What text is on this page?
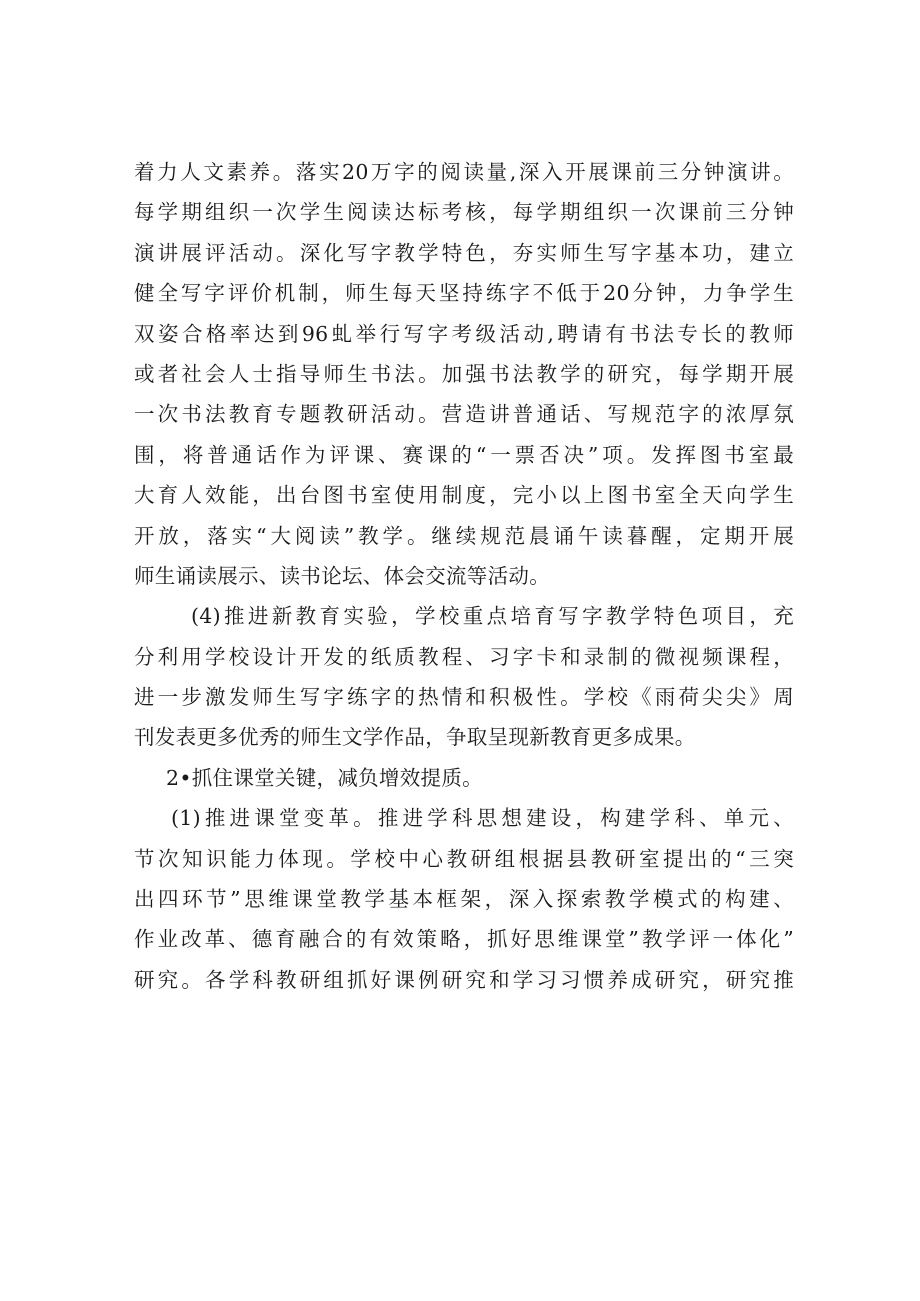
着力人文素养。落实20万字的阅读量,深入开展课前三分钟演讲。
每学期组织一次学生阅读达标考核，每学期组织一次课前三分钟
演讲展评活动。深化写字教学特色，夯实师生写字基本功，建立
健全写字评价机制，师生每天坚持练字不低于20分钟，力争学生
双姿合格率达到96虬举行写字考级活动,聘请有书法专长的教师
或者社会人士指导师生书法。加强书法教学的研究，每学期开展
一次书法教育专题教研活动。营造讲普通话、写规范字的浓厚氛
围，将普通话作为评课、赛课的“一票否决”项。发挥图书室最
大育人效能，出台图书室使用制度，完小以上图书室全天向学生
开放，落实“大阅读”教学。继续规范晨诵午读暮醒，定期开展
师生诵读展示、读书论坛、体会交流等活动。
(4)推进新教育实验，学校重点培育写字教学特色项目，充
分利用学校设计开发的纸质教程、习字卡和录制的微视频课程，
进一步激发师生写字练字的热情和积极性。学校《雨荷尖尖》周
刊发表更多优秀的师生文学作品，争取呈现新教育更多成果。
2•抓住课堂关键，减负增效提质。
(1)推进课堂变革。推进学科思想建设，构建学科、单元、
节次知识能力体现。学校中心教研组根据县教研室提出的“三突
出四环节”思维课堂教学基本框架，深入探索教学模式的构建、
作业改革、德育融合的有效策略，抓好思维课堂”教学评一体化”
研究。各学科教研组抓好课例研究和学习习惯养成研究，研究推
